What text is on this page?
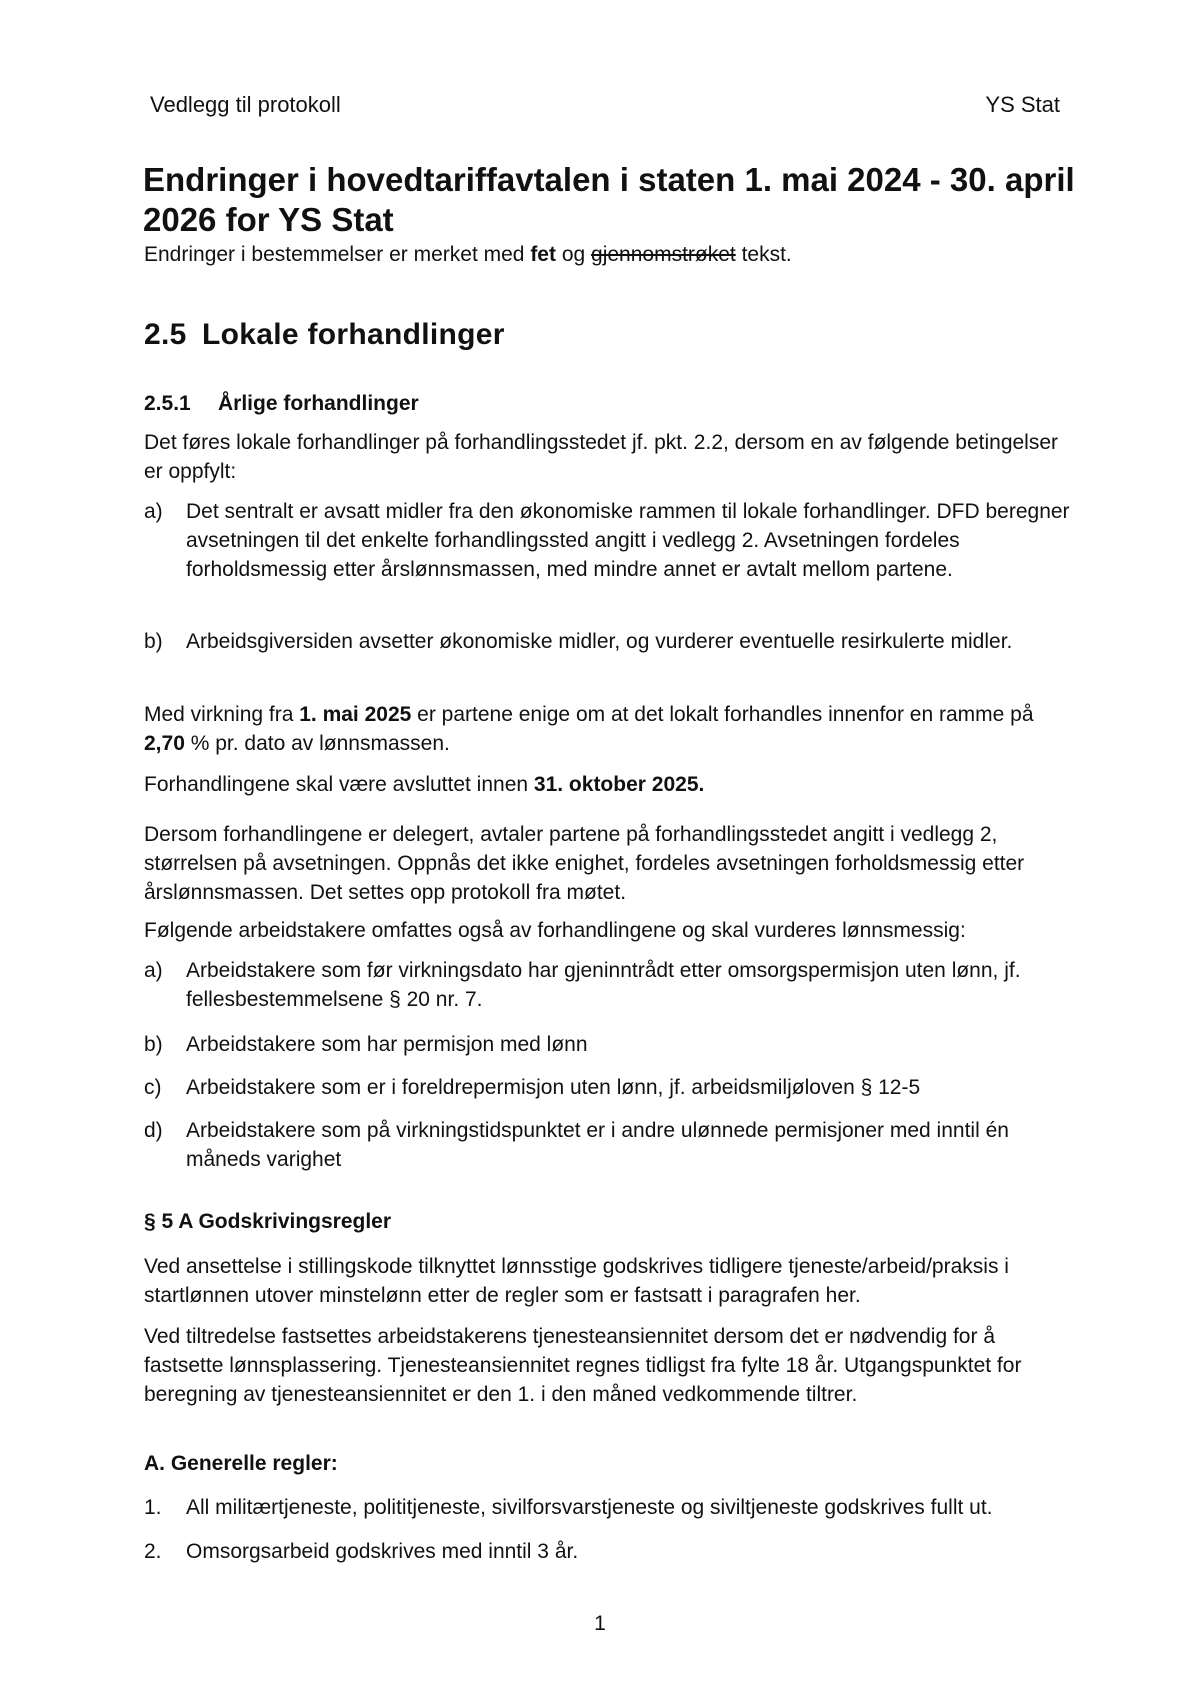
Vedlegg til protokoll	YS Stat
Endringer i hovedtariffavtalen i staten 1. mai 2024 - 30. april 2026 for YS Stat

Endringer i bestemmelser er merket med fet og gjennomstrøket tekst.

2.5 Lokale forhandlinger
2.5.1 Årlige forhandlinger

Det føres lokale forhandlinger på forhandlingsstedet jf. pkt. 2.2, dersom en av følgende betingelser er oppfylt:

a)	Det sentralt er avsatt midler fra den økonomiske rammen til lokale forhandlinger. DFD beregner avsetningen til det enkelte forhandlingssted angitt i vedlegg 2. Avsetningen fordeles forholdsmessig etter årslønnsmassen, med mindre annet er avtalt mellom partene.
b)	Arbeidsgiversiden avsetter økonomiske midler, og vurderer eventuelle resirkulerte midler.

Med virkning fra 1. mai 2025 er partene enige om at det lokalt forhandles innenfor en ramme på 2,70 % pr. dato av lønnsmassen.

Forhandlingene skal være avsluttet innen 31. oktober 2025.

Dersom forhandlingene er delegert, avtaler partene på forhandlingsstedet angitt i vedlegg 2, størrelsen på avsetningen. Oppnås det ikke enighet, fordeles avsetningen forholdsmessig etter årslønnsmassen. Det settes opp protokoll fra møtet.

Følgende arbeidstakere omfattes også av forhandlingene og skal vurderes lønnsmessig:

a)	Arbeidstakere som før virkningsdato har gjeninntrådt etter omsorgspermisjon uten lønn, jf. fellesbestemmelsene § 20 nr. 7.
b)	Arbeidstakere som har permisjon med lønn
c)	Arbeidstakere som er i foreldrepermisjon uten lønn, jf. arbeidsmiljøloven § 12-5
d)	Arbeidstakere som på virkningstidspunktet er i andre ulønnede permisjoner med inntil én måneds varighet
§ 5 A Godskrivingsregler

Ved ansettelse i stillingskode tilknyttet lønnsstige godskrives tidligere tjeneste/arbeid/praksis i startlønnen utover minstelønn etter de regler som er fastsatt i paragrafen her.

Ved tiltredelse fastsettes arbeidstakerens tjenesteansiennitet dersom det er nødvendig for å fastsette lønnsplassering. Tjenesteansiennitet regnes tidligst fra fylte 18 år. Utgangspunktet for beregning av tjenesteansiennitet er den 1. i den måned vedkommende tiltrer.

A. Generelle regler:
1.	All militærtjeneste, polititjeneste, sivilforsvarstjeneste og siviltjeneste godskrives fullt ut.
2.	Omsorgsarbeid godskrives med inntil 3 år.
1
